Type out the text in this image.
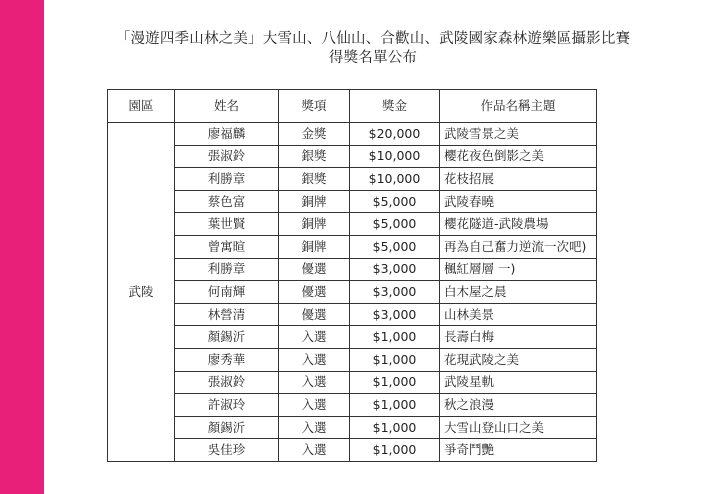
「漫遊四季山林之美」大雪山、八仙山、合歡山、武陵國家森林遊樂區攝影比賽
得獎名單公布
園區	姓名	獎項	獎金	作品名稱主題
武陵	廖福麟	金獎	$20,000	武陵雪景之美
	張淑鈴	銀獎	$10,000	櫻花夜色倒影之美
	利勝章	銀獎	$10,000	花枝招展
	蔡色富	銅牌	$5,000	武陵春曉
	葉世賢	銅牌	$5,000	櫻花隧道-武陵農場
	曾寓暄	銅牌	$5,000	再為自己奮力逆流一次吧)
	利勝章	優選	$3,000	楓紅層層 一)
	何南輝	優選	$3,000	白木屋之晨
	林營清	優選	$3,000	山林美景
	顏錫沂	入選	$1,000	長壽白梅
	廖秀華	入選	$1,000	花現武陵之美
	張淑鈴	入選	$1,000	武陵星軌
	許淑玲	入選	$1,000	秋之浪漫
	顏錫沂	入選	$1,000	大雪山登山口之美
	吳佳珍	入選	$1,000	爭奇鬥艷
